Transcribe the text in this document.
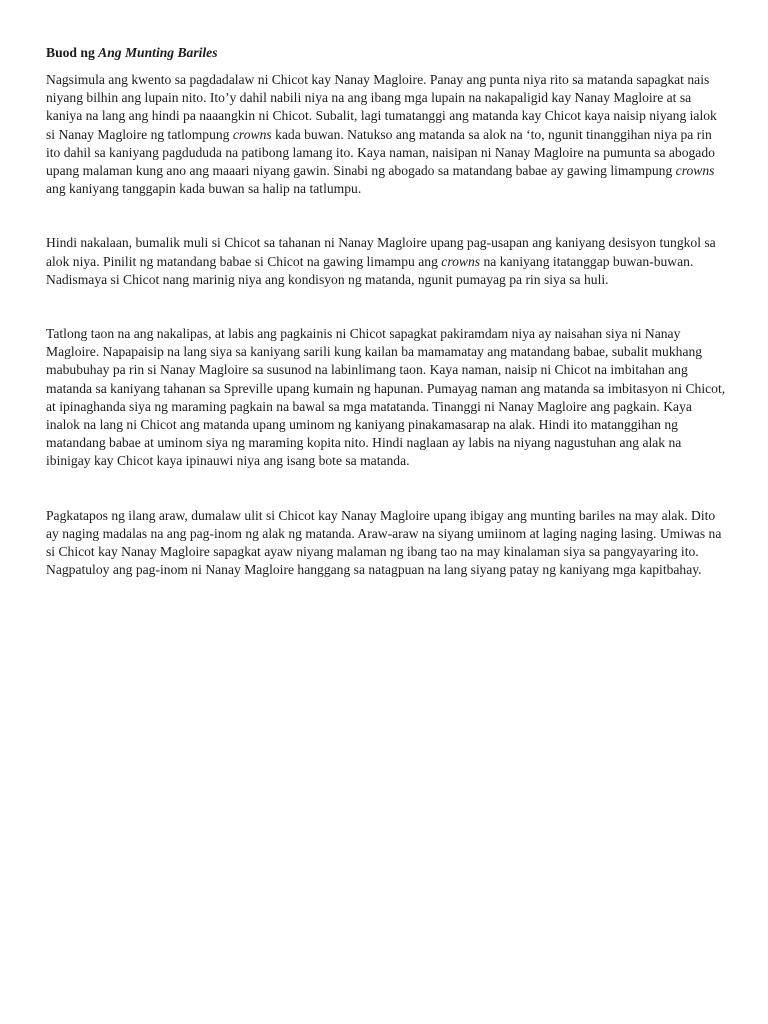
Buod ng Ang Munting Bariles

Nagsimula ang kwento sa pagdadalaw ni Chicot kay Nanay Magloire. Panay ang punta niya rito sa matanda sapagkat nais niyang bilhin ang lupain nito. Ito’y dahil nabili niya na ang ibang mga lupain na nakapaligid kay Nanay Magloire at sa kaniya na lang ang hindi pa naaangkin ni Chicot. Subalit, lagi tumatanggi ang matanda kay Chicot kaya naisip niyang ialok si Nanay Magloire ng tatlompung crowns kada buwan. Natukso ang matanda sa alok na ‘to, ngunit tinanggihan niya pa rin ito dahil sa kaniyang pagdududa na patibong lamang ito. Kaya naman, naisipan ni Nanay Magloire na pumunta sa abogado upang malaman kung ano ang maaari niyang gawin. Sinabi ng abogado sa matandang babae ay gawing limampung crowns ang kaniyang tanggapin kada buwan sa halip na tatlumpu.

Hindi nakalaan, bumalik muli si Chicot sa tahanan ni Nanay Magloire upang pag-usapan ang kaniyang desisyon tungkol sa alok niya. Pinilit ng matandang babae si Chicot na gawing limampu ang crowns na kaniyang itatanggap buwan-buwan. Nadismaya si Chicot nang marinig niya ang kondisyon ng matanda, ngunit pumayag pa rin siya sa huli.

Tatlong taon na ang nakalipas, at labis ang pagkainis ni Chicot sapagkat pakiramdam niya ay naisahan siya ni Nanay Magloire. Napapaisip na lang siya sa kaniyang sarili kung kailan ba mamamatay ang matandang babae, subalit mukhang mabubuhay pa rin si Nanay Magloire sa susunod na labinlimang taon. Kaya naman, naisip ni Chicot na imbitahan ang matanda sa kaniyang tahanan sa Spreville upang kumain ng hapunan. Pumayag naman ang matanda sa imbitasyon ni Chicot, at ipinaghanda siya ng maraming pagkain na bawal sa mga matatanda. Tinanggi ni Nanay Magloire ang pagkain. Kaya inalok na lang ni Chicot ang matanda upang uminom ng kaniyang pinakamasarap na alak. Hindi ito matanggihan ng matandang babae at uminom siya ng maraming kopita nito. Hindi naglaan ay labis na niyang nagustuhan ang alak na ibinigay kay Chicot kaya ipinauwi niya ang isang bote sa matanda.

Pagkatapos ng ilang araw, dumalaw ulit si Chicot kay Nanay Magloire upang ibigay ang munting bariles na may alak. Dito ay naging madalas na ang pag-inom ng alak ng matanda. Araw-araw na siyang umiinom at laging naging lasing. Umiwas na si Chicot kay Nanay Magloire sapagkat ayaw niyang malaman ng ibang tao na may kinalaman siya sa pangyayaring ito. Nagpatuloy ang pag-inom ni Nanay Magloire hanggang sa natagpuan na lang siyang patay ng kaniyang mga kapitbahay.
